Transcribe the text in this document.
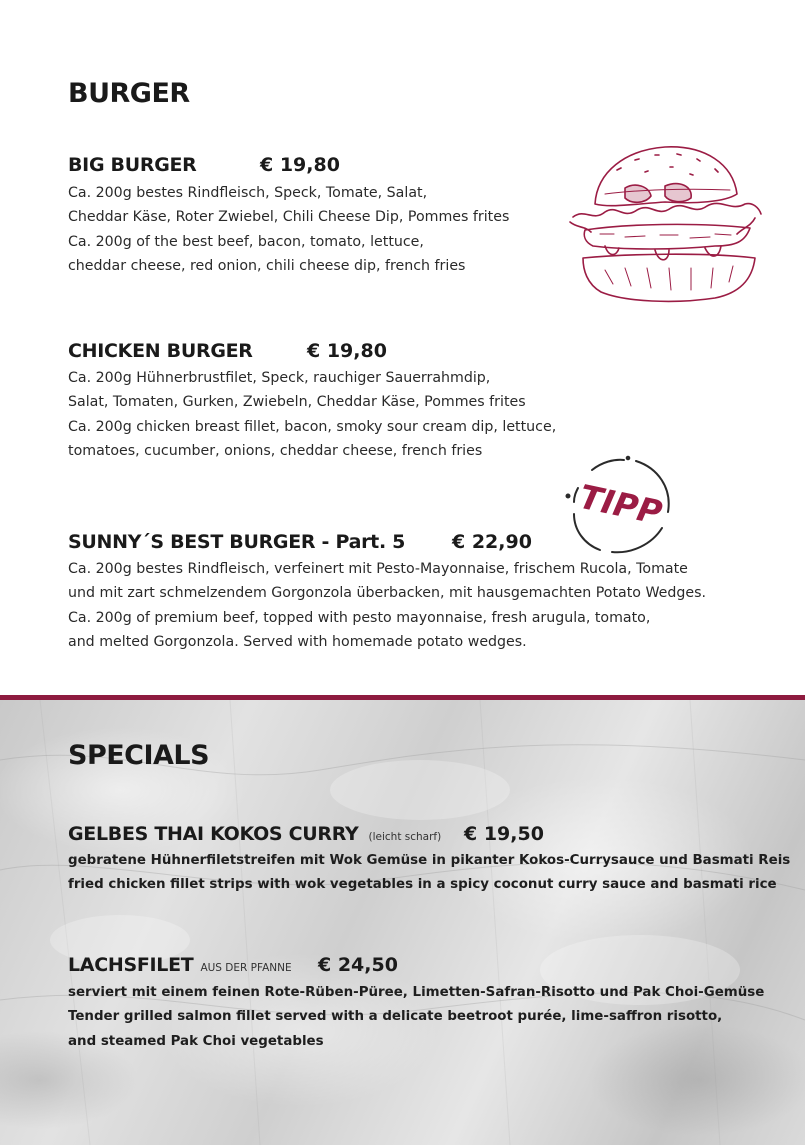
BURGER
BIG BURGER	€ 19,80
Ca. 200g bestes Rindfleisch, Speck, Tomate, Salat,
Cheddar Käse, Roter Zwiebel, Chili Cheese Dip, Pommes frites
Ca. 200g of the best beef, bacon, tomato, lettuce,
cheddar cheese, red onion, chili cheese dip, french fries
CHICKEN BURGER	€ 19,80
Ca. 200g Hühnerbrustfilet, Speck, rauchiger Sauerrahmdip,
Salat, Tomaten, Gurken, Zwiebeln, Cheddar Käse, Pommes frites
Ca. 200g chicken breast fillet, bacon, smoky sour cream dip, lettuce,
tomatoes, cucumber, onions, cheddar cheese, french fries
TIPP
SUNNY´S BEST BURGER - Part. 5 € 22,90
Ca. 200g bestes Rindfleisch, verfeinert mit Pesto-Mayonnaise, frischem Rucola, Tomate
und mit zart schmelzendem Gorgonzola überbacken, mit hausgemachten Potato Wedges.
Ca. 200g of premium beef, topped with pesto mayonnaise, fresh arugula, tomato,
and melted Gorgonzola. Served with homemade potato wedges.
SPECIALS
GELBES THAI KOKOS CURRY (leicht scharf) € 19,50
gebratene Hühnerfiletstreifen mit Wok Gemüse in pikanter Kokos-Currysauce und Basmati Reis
fried chicken fillet strips with wok vegetables in a spicy coconut curry sauce and basmati rice
LACHSFILET AUS DER PFANNE € 24,50
serviert mit einem feinen Rote-Rüben-Püree, Limetten-Safran-Risotto und Pak Choi-Gemüse
Tender grilled salmon fillet served with a delicate beetroot purée, lime-saffron risotto,
and steamed Pak Choi vegetables
